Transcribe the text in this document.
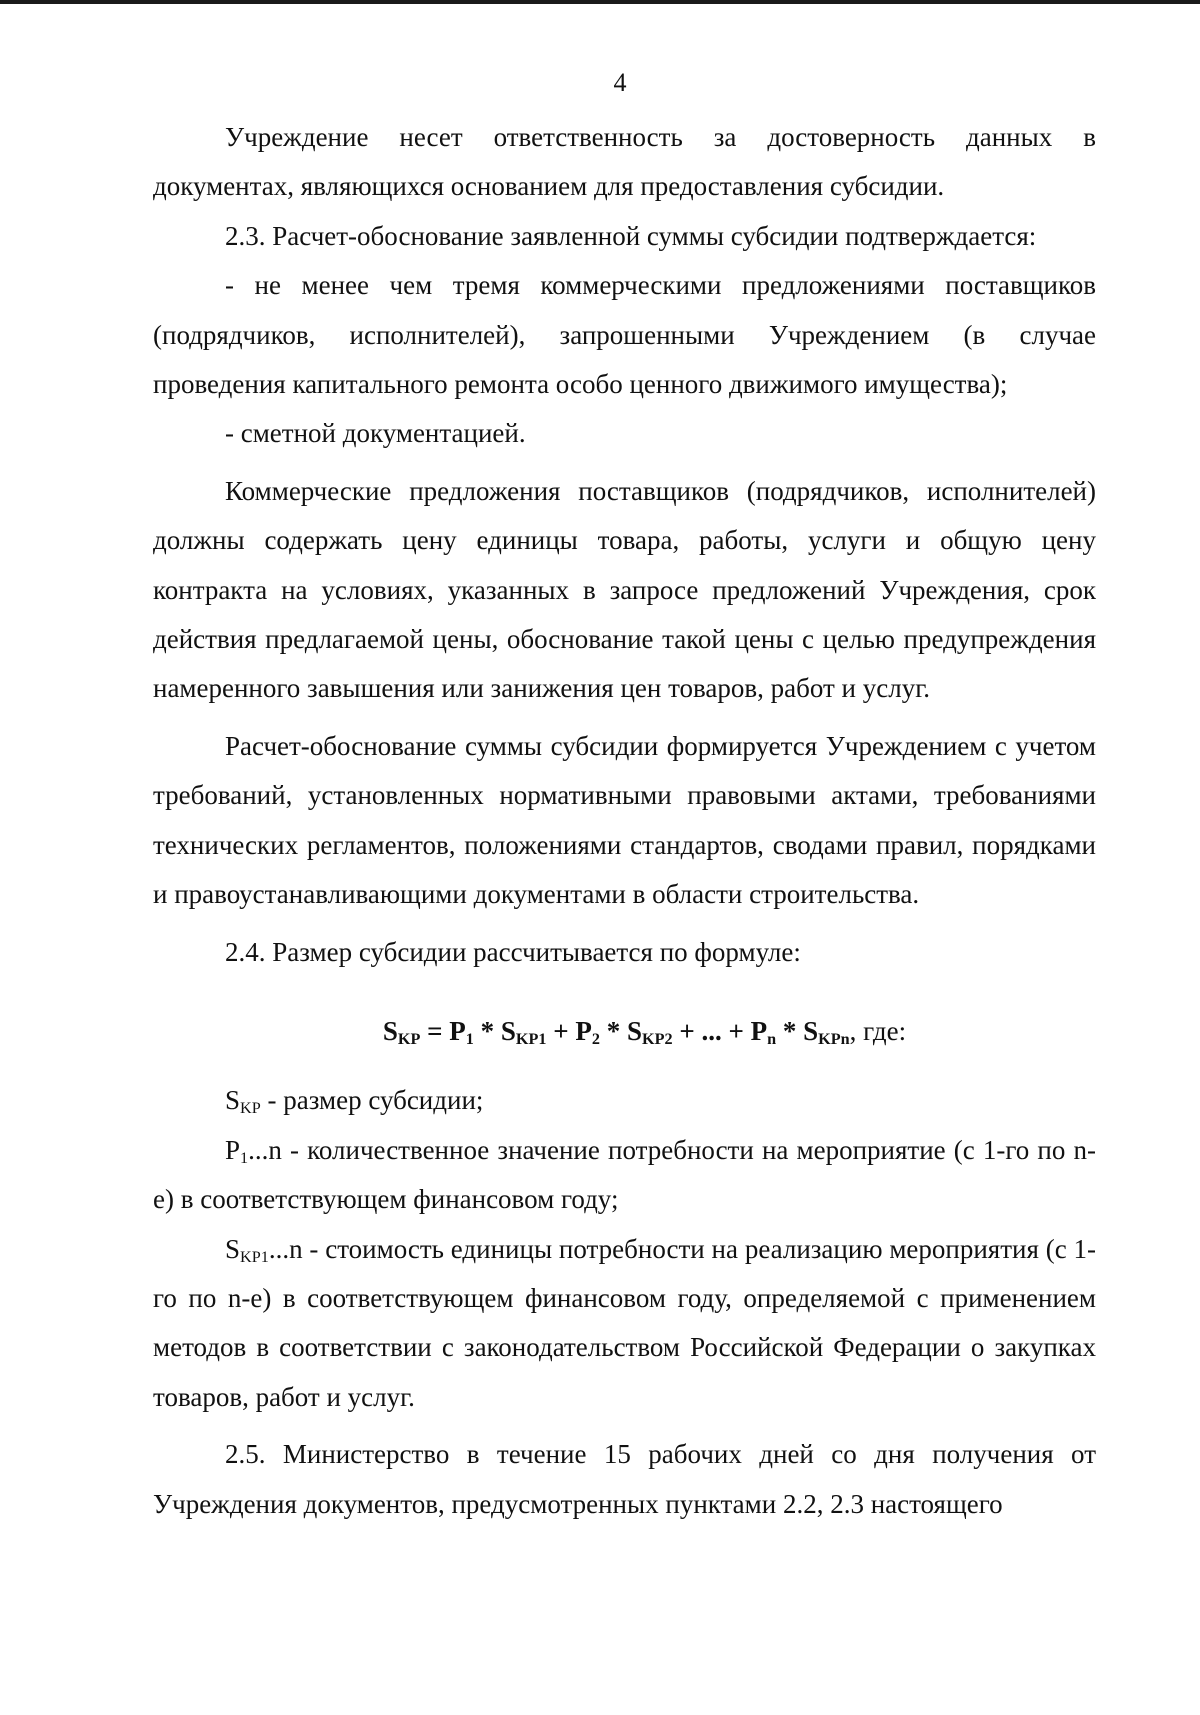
4

Учреждение несет ответственность за достоверность данных в документах, являющихся основанием для предоставления субсидии.

2.3. Расчет-обоснование заявленной суммы субсидии подтверждается:

- не менее чем тремя коммерческими предложениями поставщиков (подрядчиков, исполнителей), запрошенными Учреждением (в случае проведения капитального ремонта особо ценного движимого имущества);

- сметной документацией.

Коммерческие предложения поставщиков (подрядчиков, исполнителей) должны содержать цену единицы товара, работы, услуги и общую цену контракта на условиях, указанных в запросе предложений Учреждения, срок действия предлагаемой цены, обоснование такой цены с целью предупреждения намеренного завышения или занижения цен товаров, работ и услуг.

Расчет-обоснование суммы субсидии формируется Учреждением с учетом требований, установленных нормативными правовыми актами, требованиями технических регламентов, положениями стандартов, сводами правил, порядками и правоустанавливающими документами в области строительства.

2.4. Размер субсидии рассчитывается по формуле:

$S_{KP} = P_1 * S_{KP1} + P_2 * S_{KP2}$ + ... + $P_n * S_{KPn}$, где:

$S_{KP}$ - размер субсидии;

$P_1...n$ - количественное значение потребности на мероприятие (с 1-го по n-е) в соответствующем финансовом году;

$S_{KP1}...n$ - стоимость единицы потребности на реализацию мероприятия (с 1-го по n-е) в соответствующем финансовом году, определяемой с применением методов в соответствии с законодательством Российской Федерации о закупках товаров, работ и услуг.

2.5. Министерство в течение 15 рабочих дней со дня получения от Учреждения документов, предусмотренных пунктами 2.2, 2.3 настоящего
